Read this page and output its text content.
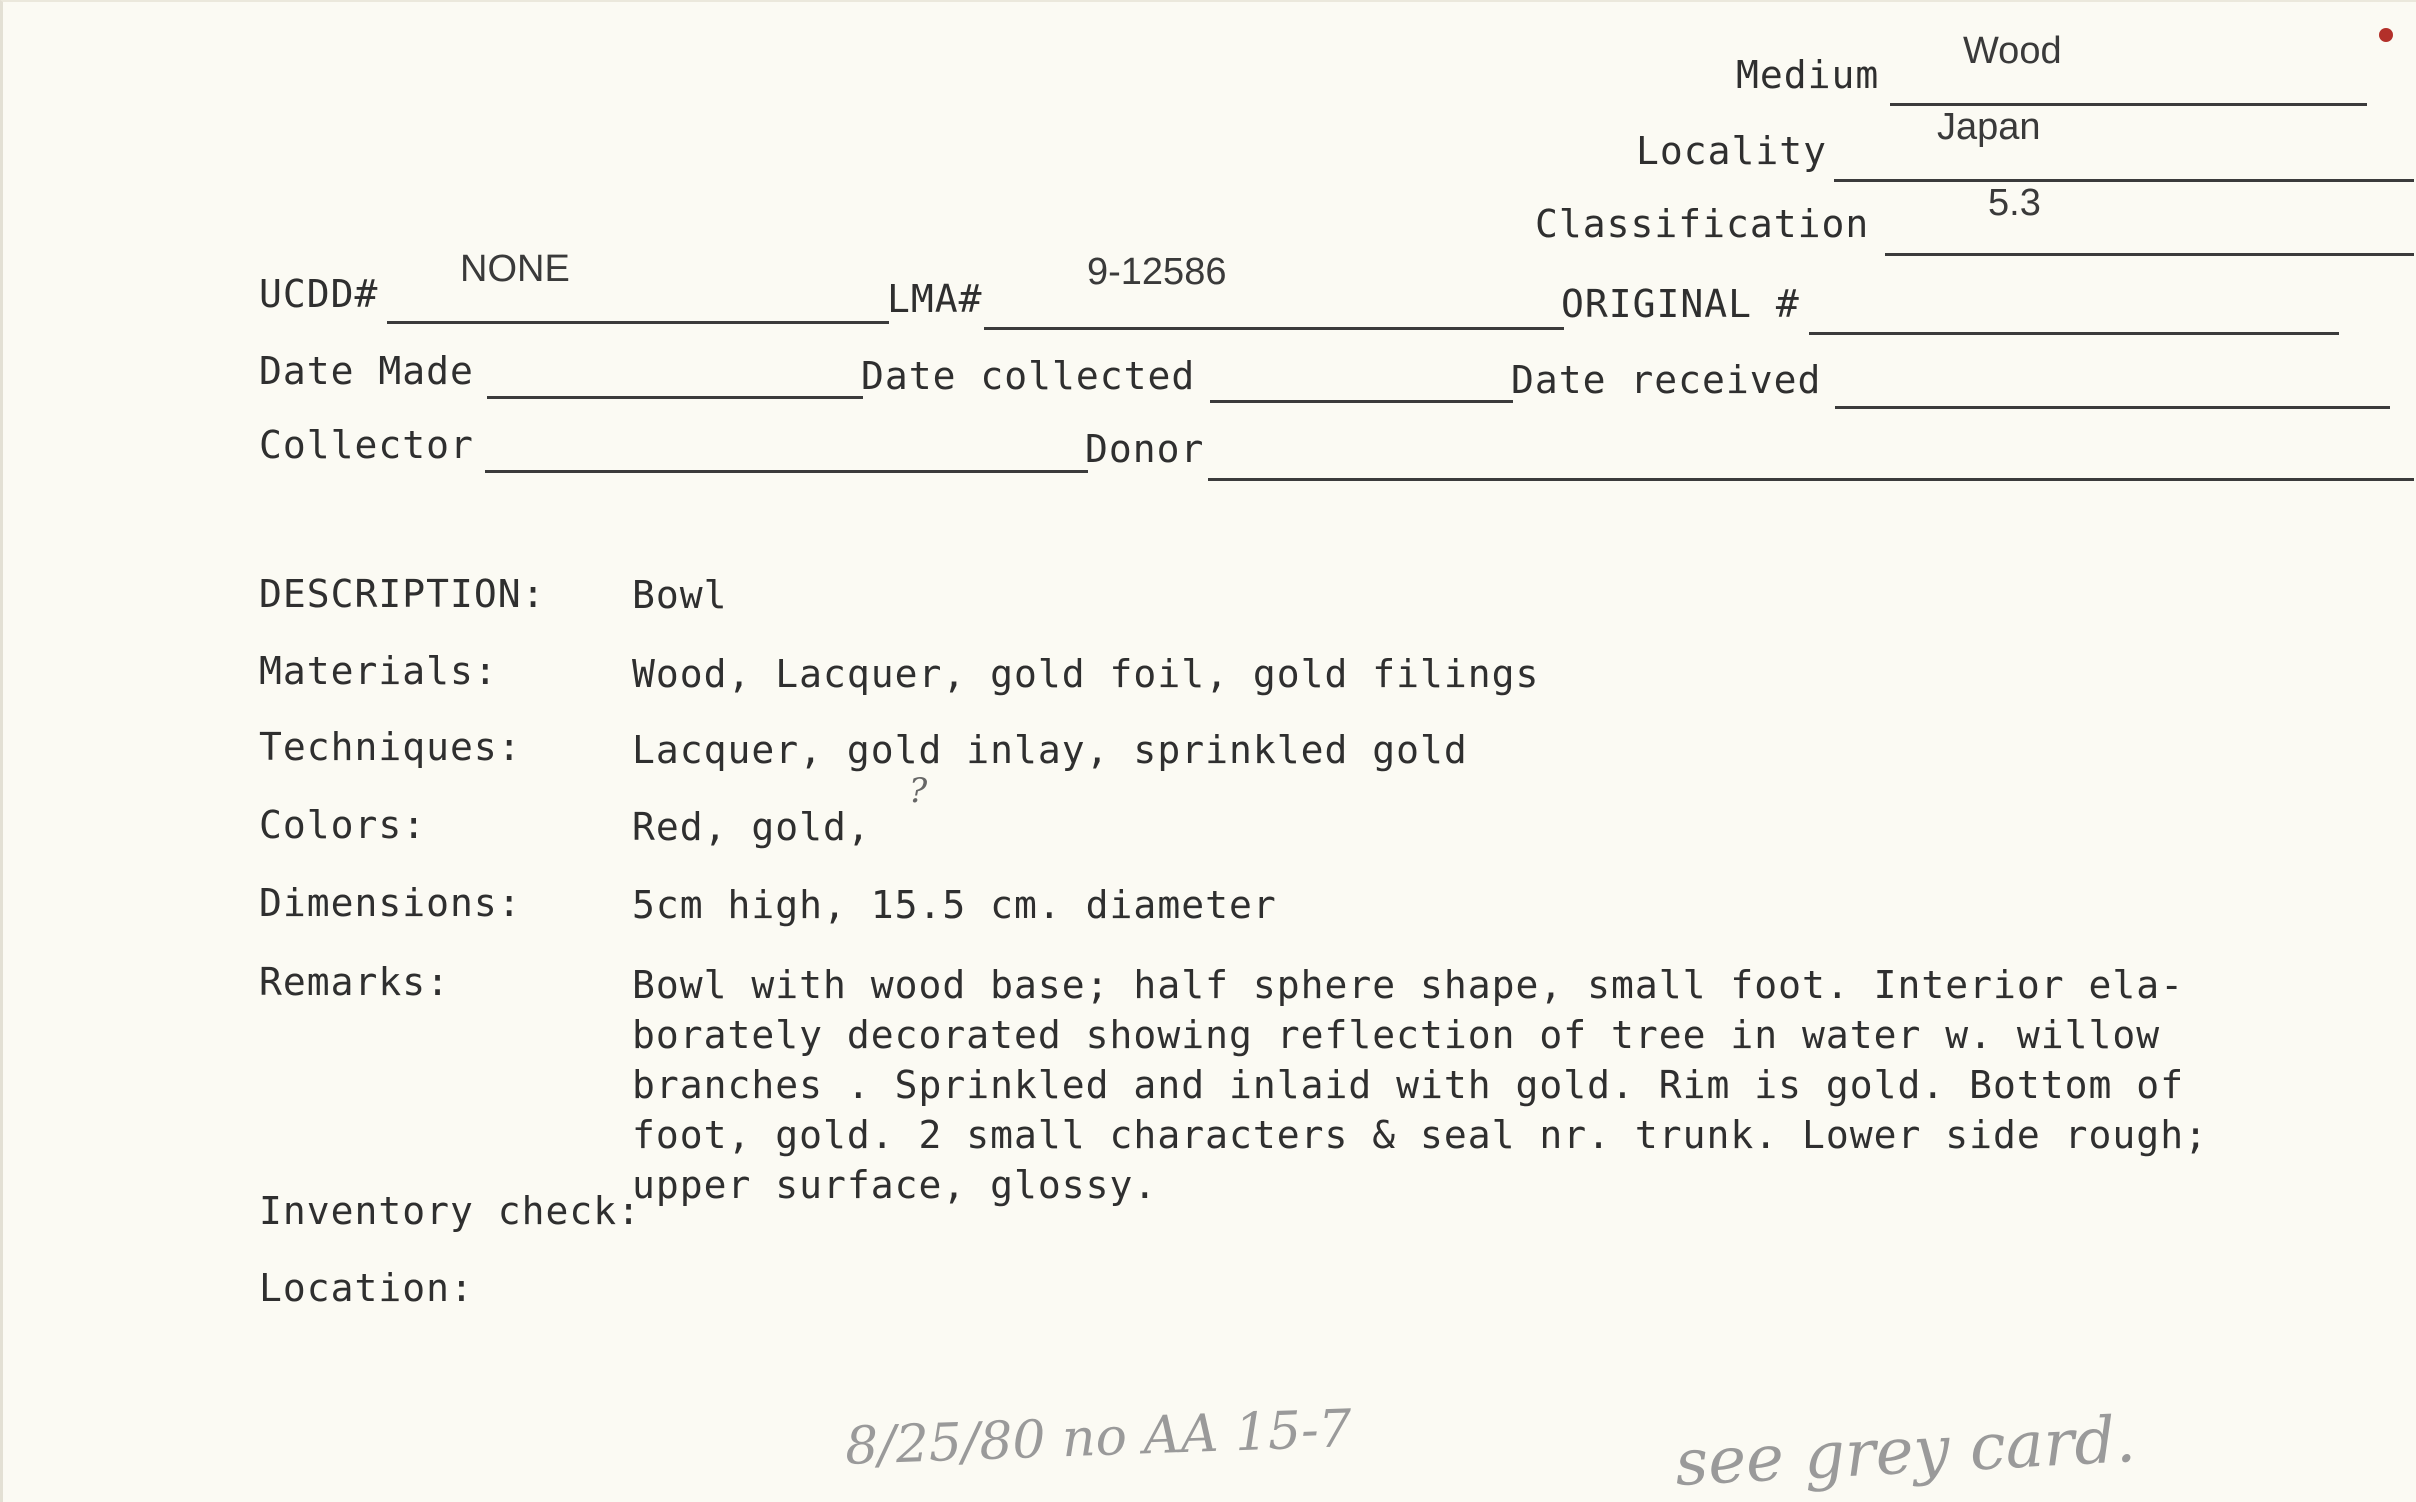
Medium
Wood
Locality
Japan
Classification	5.3
UCDD#
NONE
LMA#
9-12586
ORIGINAL #
Date Made	Date collected	Date received
Collector	Donor
DESCRIPTION: Bowl
Materials:	Wood, Lacquer, gold foil, gold filings
Techniques:	Lacquer, gold inlay, sprinkled gold
Colors:	Red, gold,
?
Dimensions:	5cm high, 15.5 cm. diameter
Remarks:	Bowl with wood base; half sphere shape, small foot. Interior ela-
borately decorated showing reflection of tree in water w. willow
branches . Sprinkled and inlaid with gold. Rim is gold. Bottom of
foot, gold. 2 small characters & seal nr. trunk. Lower side rough;
upper surface, glossy.
Inventory check:
Location:
8/25/80 no AA 15-7	see grey card.
